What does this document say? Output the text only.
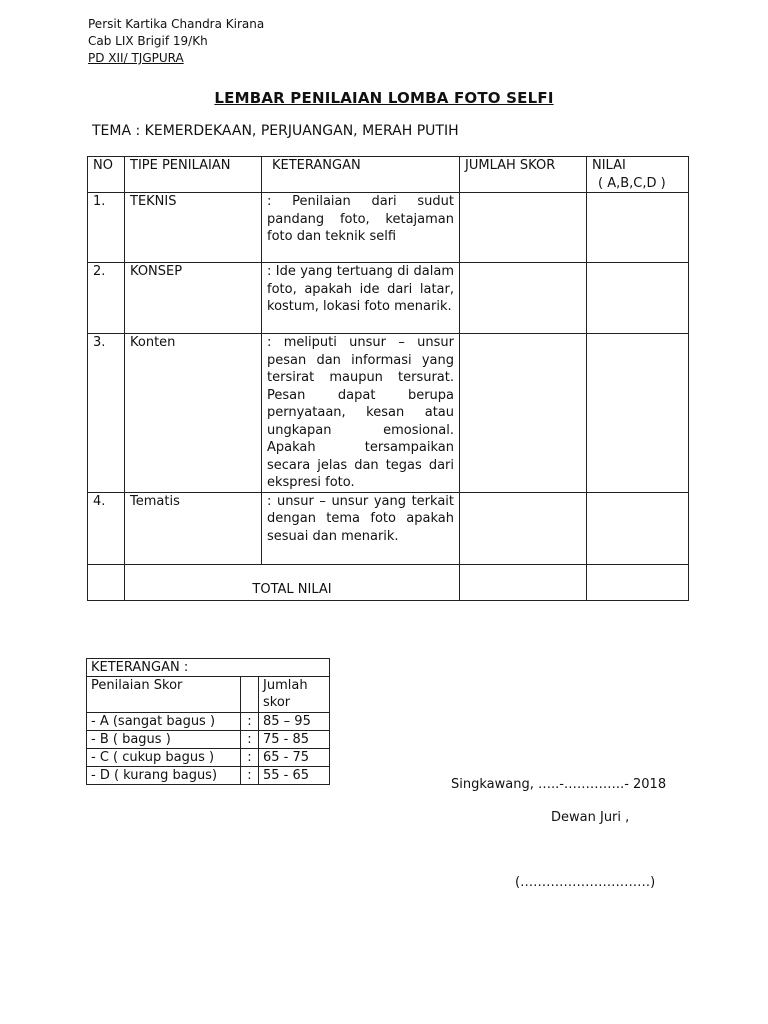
Persit Kartika Chandra Kirana
Cab LIX Brigif 19/Kh
PD XII/ TJGPURA
LEMBAR PENILAIAN LOMBA FOTO SELFI
TEMA : KEMERDEKAAN, PERJUANGAN, MERAH PUTIH
NO	TIPE PENILAIAN	KETERANGAN	JUMLAH SKOR	NILAI
( A,B,C,D )
1.	TEKNIS	: Penilaian dari sudut pandang foto, ketajaman foto dan teknik selfi		
2.	KONSEP	: Ide yang tertuang di dalam foto, apakah ide dari latar, kostum, lokasi foto menarik.		
3.	Konten	: meliputi unsur – unsur pesan dan informasi yang tersirat maupun tersurat. Pesan dapat berupa pernyataan, kesan atau ungkapan emosional. Apakah tersampaikan secara jelas dan tegas dari ekspresi foto.		
4.	Tematis	: unsur – unsur yang terkait dengan tema foto apakah sesuai dan menarik.		
	TOTAL NILAI			
KETERANGAN :		
Penilaian Skor		Jumlah skor
- A (sangat bagus )	:	85 – 95
- B ( bagus )	:	75 - 85
- C ( cukup bagus )	:	65 - 75
- D ( kurang bagus)	:	55 - 65
Singkawang, …..-…………..- 2018
Dewan Juri ,
(…………………………)
